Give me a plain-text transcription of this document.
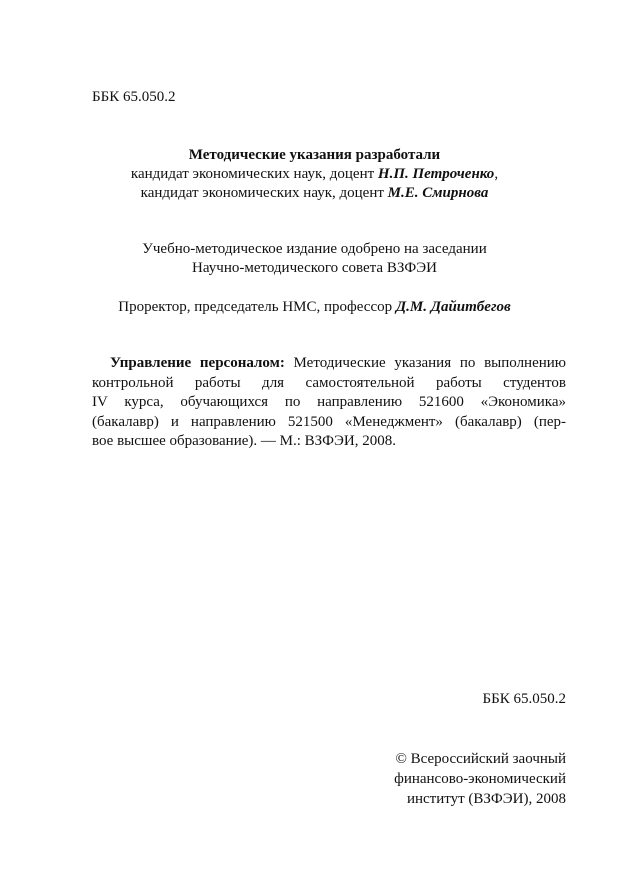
ББК 65.050.2
Методические указания разработали
кандидат экономических наук, доцент Н.П. Петроченко,
кандидат экономических наук, доцент М.Е. Смирнова
Учебно-методическое издание одобрено на заседании
Научно-методического совета ВЗФЭИ
Проректор, председатель НМС, профессор Д.М. Дайитбегов
Управление персоналом: Методические указания по выполнению
контрольной работы для самостоятельной работы студентов
IV курса, обучающихся по направлению 521600 «Экономика»
(бакалавр) и направлению 521500 «Менеджмент» (бакалавр) (пер-
вое высшее образование). — М.: ВЗФЭИ, 2008.
ББК 65.050.2
© Всероссийский заочный
финансово-экономический
институт (ВЗФЭИ), 2008
